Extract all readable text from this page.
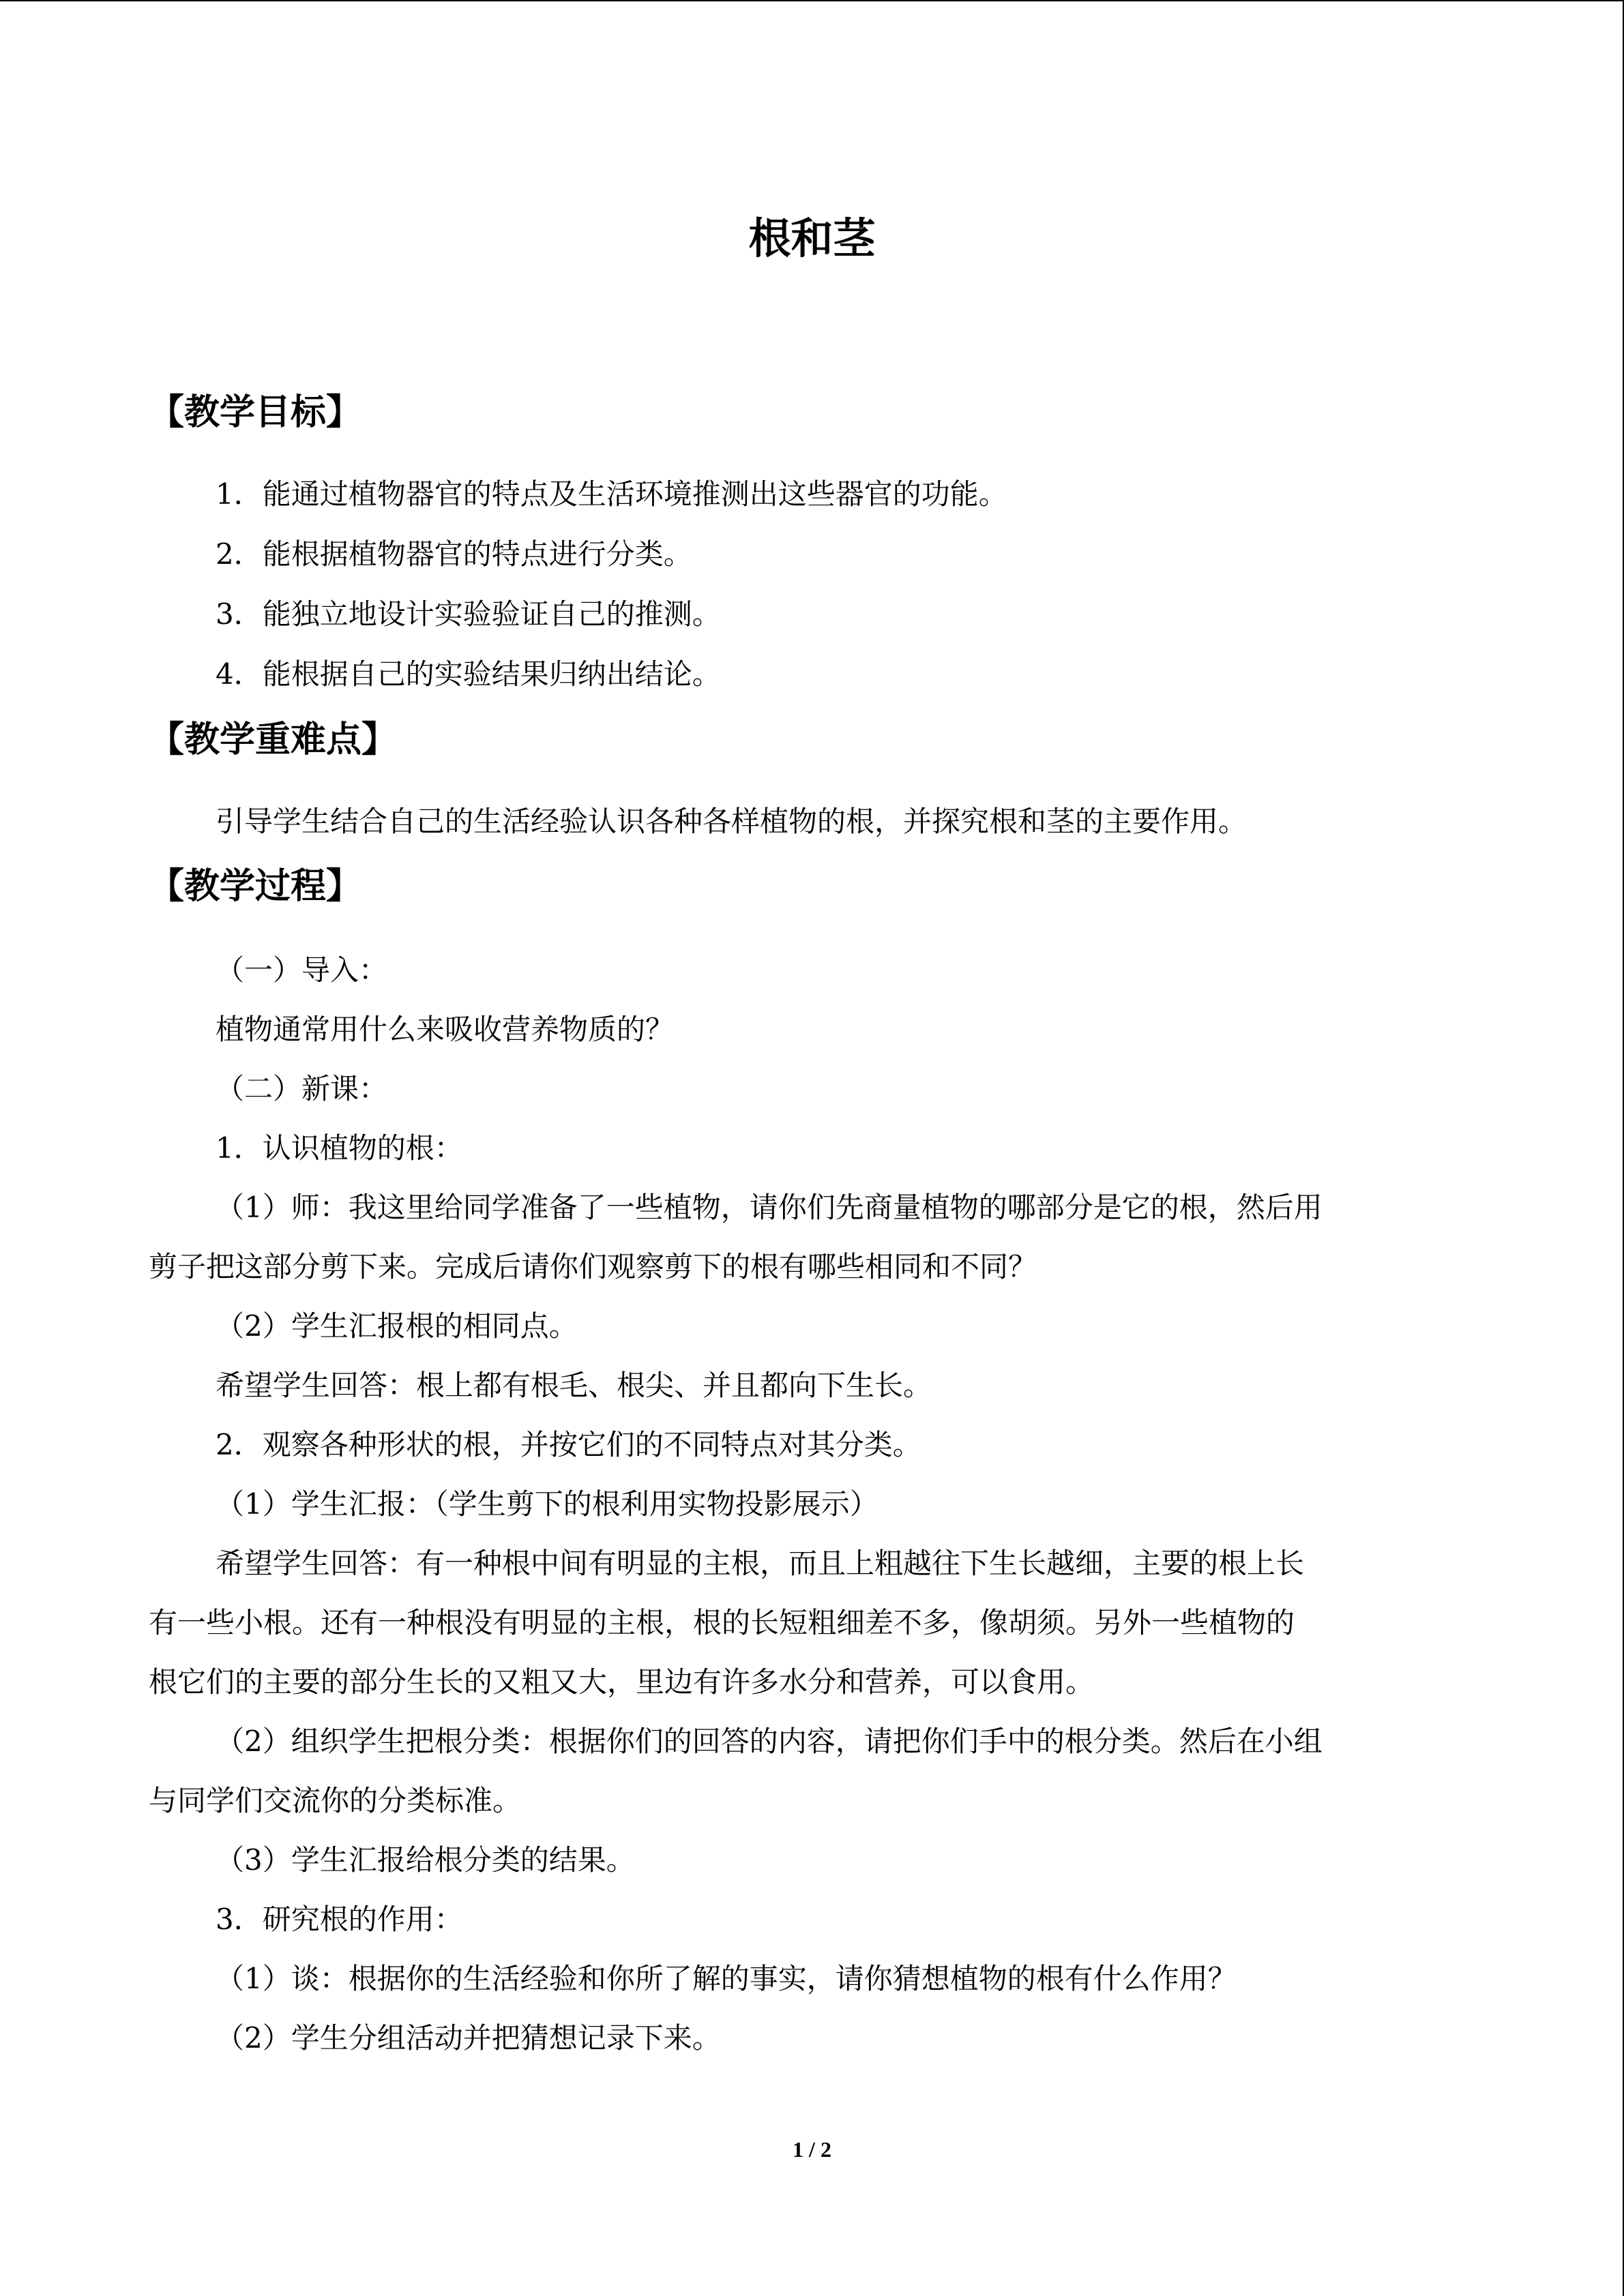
根和茎
【教学目标】
1．能通过植物器官的特点及生活环境推测出这些器官的功能。
2．能根据植物器官的特点进行分类。
3．能独立地设计实验验证自己的推测。
4．能根据自己的实验结果归纳出结论。
【教学重难点】
引导学生结合自己的生活经验认识各种各样植物的根，并探究根和茎的主要作用。
【教学过程】
（一）导入：
植物通常用什么来吸收营养物质的？
（二）新课：
1．认识植物的根：
（1）师：我这里给同学准备了一些植物，请你们先商量植物的哪部分是它的根，然后用
剪子把这部分剪下来。完成后请你们观察剪下的根有哪些相同和不同？
（2）学生汇报根的相同点。
希望学生回答：根上都有根毛、根尖、并且都向下生长。
2．观察各种形状的根，并按它们的不同特点对其分类。
（1）学生汇报：（学生剪下的根利用实物投影展示）
希望学生回答：有一种根中间有明显的主根，而且上粗越往下生长越细，主要的根上长
有一些小根。还有一种根没有明显的主根，根的长短粗细差不多，像胡须。另外一些植物的
根它们的主要的部分生长的又粗又大，里边有许多水分和营养，可以食用。
（2）组织学生把根分类：根据你们的回答的内容，请把你们手中的根分类。然后在小组
与同学们交流你的分类标准。
（3）学生汇报给根分类的结果。
3．研究根的作用：
（1）谈：根据你的生活经验和你所了解的事实，请你猜想植物的根有什么作用？
（2）学生分组活动并把猜想记录下来。
1 / 2
